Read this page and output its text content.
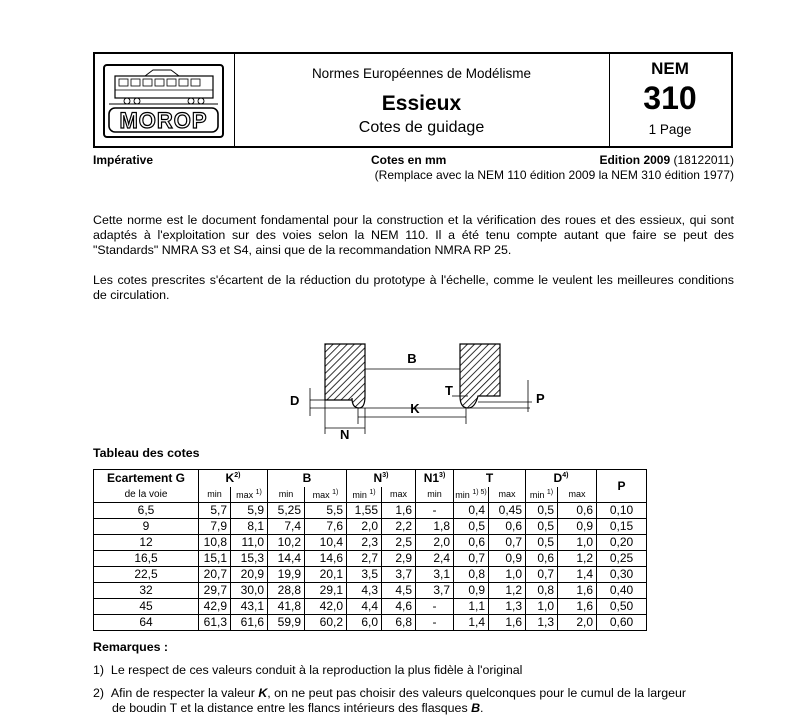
MOROP
Normes Européennes de Modélisme
Essieux
Cotes de guidage
NEM
310
1 Page
Impérative	Cotes en mm	Edition 2009 (18122011)
(Remplace avec la NEM 110 édition 2009 la NEM 310 édition 1977)
Cette norme est le document fondamental pour la construction et la vérification des roues et des essieux, qui sont adaptés à l'exploitation sur des voies selon la NEM 110. Il a été tenu compte autant que faire se peut des "Standards" NMRA S3 et S4, ainsi que de la recommandation NMRA RP 25.
Les cotes prescrites s'écartent de la réduction du prototype à l'échelle, comme le veulent les meilleures conditions de circulation.
B
K
D
N
T
P
Tableau des cotes
Ecartement G	$K^{2)}$		B		$N^{3)}$		N1$^{3)}$	T		$D^{4)}$		P
de la voie	min	max $^{1)}$	min	max $^{1)}$	min $^{1)}$	max	min	min $^{1) 5)}$	max	min $^{1)}$	max	
6,5	5,7	5,9	5,25	5,5	1,55	1,6	-	0,4	0,45	0,5	0,6	0,10
9	7,9	8,1	7,4	7,6	2,0	2,2	1,8	0,5	0,6	0,5	0,9	0,15
12	10,8	11,0	10,2	10,4	2,3	2,5	2,0	0,6	0,7	0,5	1,0	0,20
16,5	15,1	15,3	14,4	14,6	2,7	2,9	2,4	0,7	0,9	0,6	1,2	0,25
22,5	20,7	20,9	19,9	20,1	3,5	3,7	3,1	0,8	1,0	0,7	1,4	0,30
32	29,7	30,0	28,8	29,1	4,3	4,5	3,7	0,9	1,2	0,8	1,6	0,40
45	42,9	43,1	41,8	42,0	4,4	4,6	-	1,1	1,3	1,0	1,6	0,50
64	61,3	61,6	59,9	60,2	6,0	6,8	-	1,4	1,6	1,3	2,0	0,60
Remarques :
1) Le respect de ces valeurs conduit à la reproduction la plus fidèle à l'original
2) Afin de respecter la valeur K, on ne peut pas choisir des valeurs quelconques pour le cumul de la largeur
de boudin T et la distance entre les flancs intérieurs des flasques B.
